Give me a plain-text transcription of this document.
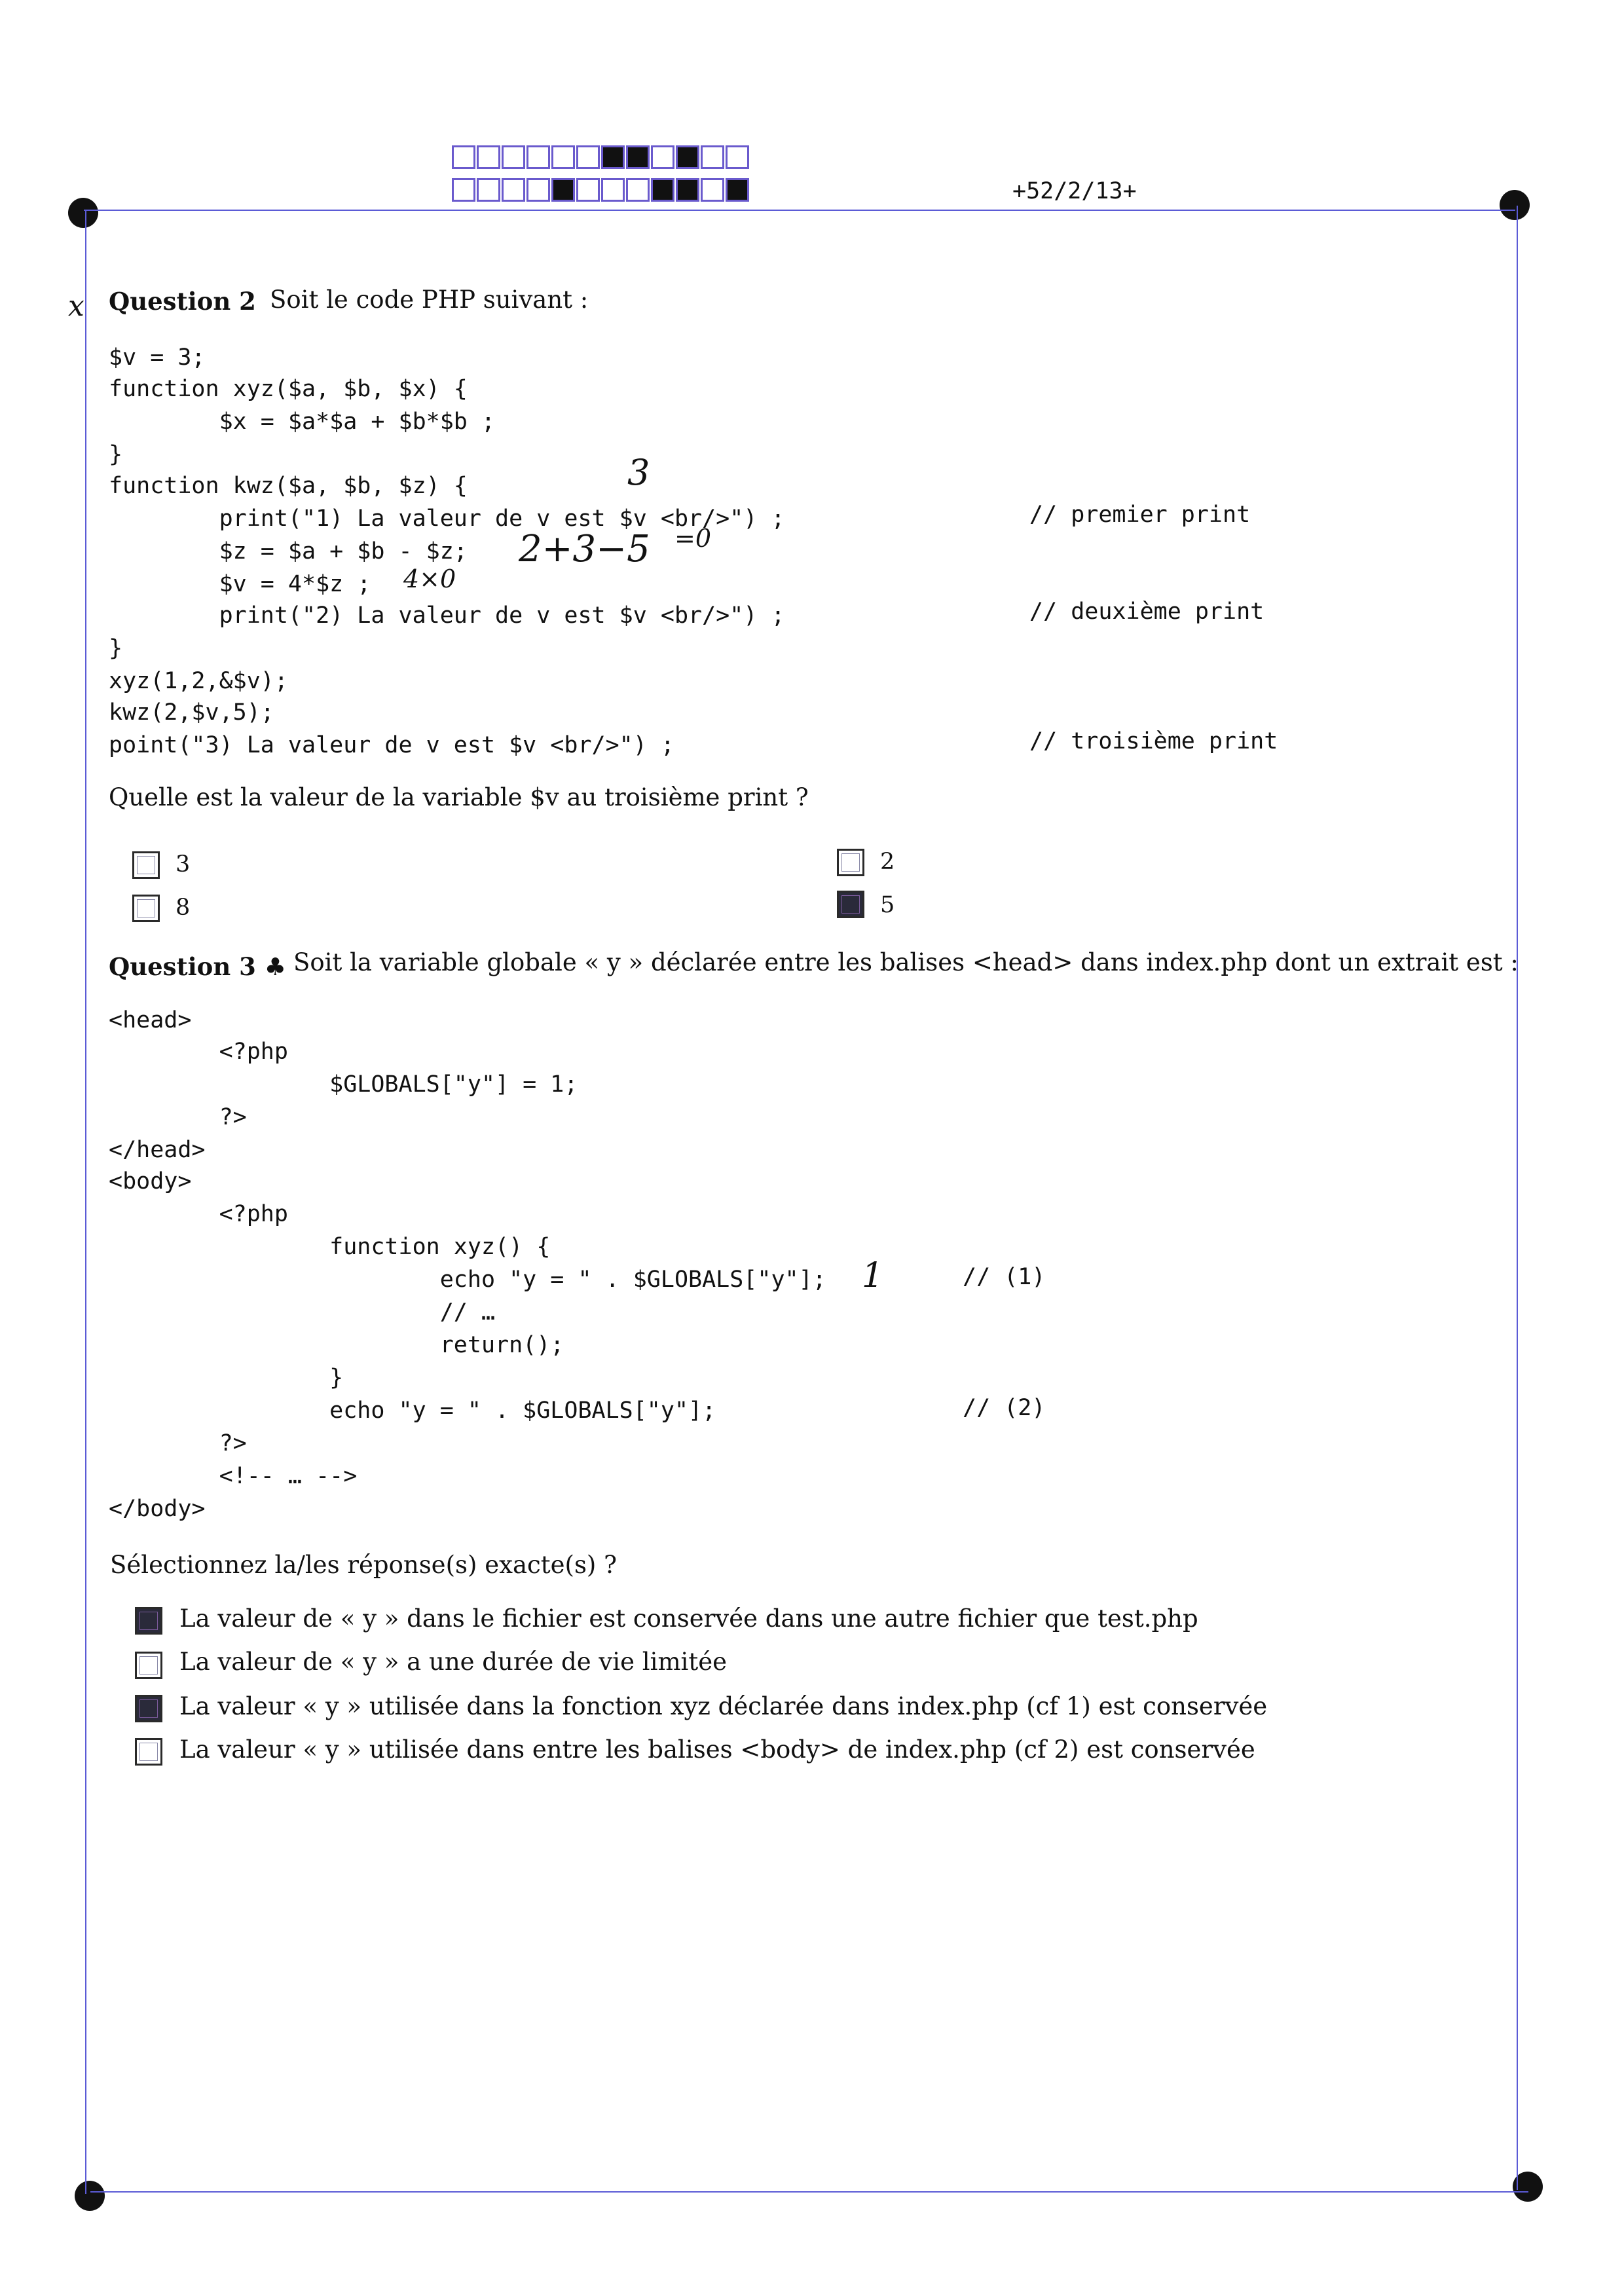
+52/2/13+
x Question 2 Soit le code PHP suivant :
$v = 3;
function xyz($a, $b, $x) {
$x = $a*$a + $b*$b ;
}
function kwz($a, $b, $z) {
print("1) La valeur de v est $v <br/>") ;
$z = $a + $b - $z;
$v = 4*$z ;
print("2) La valeur de v est $v <br/>") ;
}
xyz(1,2,&$v);
kwz(2,$v,5);
point("3) La valeur de v est $v <br/>") ;
// premier print
// deuxième print
// troisième print
3
2+3−5 =0
4×0
Quelle est la valeur de la variable $v au troisième print ?
3
8
2
5
Question 3 ♣ Soit la variable globale « y » déclarée entre les balises <head> dans index.php dont un extrait est :
<head>
<?php
$GLOBALS["y"] = 1;
?>
</head>
<body>
<?php
function xyz() {
echo "y = " . $GLOBALS["y"];
// …
return();
}
echo "y = " . $GLOBALS["y"];
?>
<!-- … -->
</body>
1	// (1)
// (2)
Sélectionnez la/les réponse(s) exacte(s) ?
La valeur de « y » dans le fichier est conservée dans une autre fichier que test.php
La valeur de « y » a une durée de vie limitée
La valeur « y » utilisée dans la fonction xyz déclarée dans index.php (cf 1) est conservée
La valeur « y » utilisée dans entre les balises <body> de index.php (cf 2) est conservée
